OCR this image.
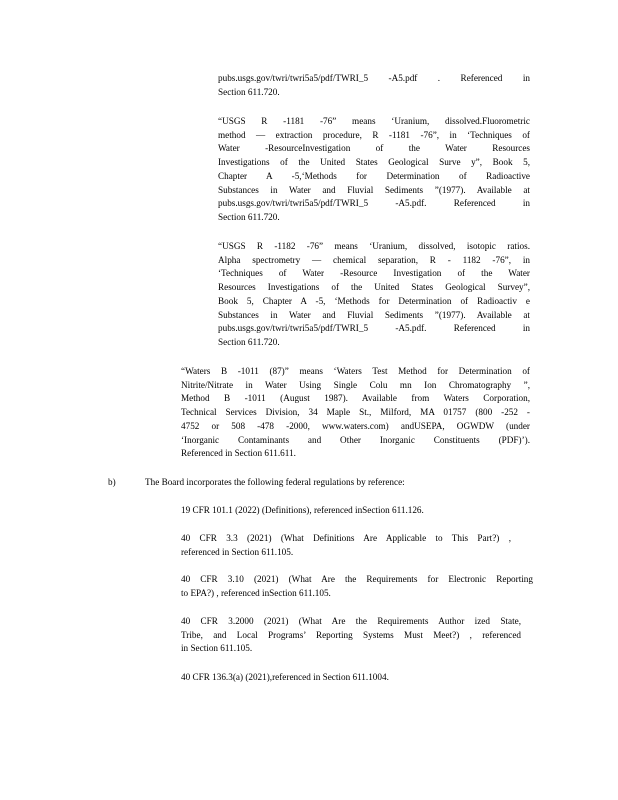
pubs.usgs.gov/twri/twri5a5/pdf/TWRI_5 -A5.pdf . Referenced in
Section 611.720.
“USGS R -1181 -76” means ‘Uranium, dissolved.Fluorometric
method — extraction procedure, R -1181 -76”, in ‘Techniques of
Water -ResourceInvestigation of the Water Resources
Investigations of the United States Geological Surve y”, Book 5,
Chapter A -5,‘Methods for Determination of Radioactive
Substances in Water and Fluvial Sediments ”(1977). Available at
pubs.usgs.gov/twri/twri5a5/pdf/TWRI_5 -A5.pdf. Referenced in
Section 611.720.
“USGS R -1182 -76” means ‘Uranium, dissolved, isotopic ratios.
Alpha spectrometry — chemical separation, R - 1182 -76”, in
‘Techniques of Water -Resource Investigation of the Water
Resources Investigations of the United States Geological Survey”,
Book 5, Chapter A -5, ‘Methods for Determination of Radioactiv e
Substances in Water and Fluvial Sediments ”(1977). Available at
pubs.usgs.gov/twri/twri5a5/pdf/TWRI_5 -A5.pdf. Referenced in
Section 611.720.
“Waters B -1011 (87)” means ‘Waters Test Method for Determination of
Nitrite/Nitrate in Water Using Single Colu mn Ion Chromatography ”,
Method B -1011 (August 1987). Available from Waters Corporation,
Technical Services Division, 34 Maple St., Milford, MA 01757 (800 -252 -
4752 or 508 -478 -2000, www.waters.com) andUSEPA, OGWDW (under
‘Inorganic Contaminants and Other Inorganic Constituents (PDF)’).
Referenced in Section 611.611.
b)	The Board incorporates the following federal regulations by reference:
19 CFR 101.1 (2022) (Definitions), referenced inSection 611.126.
40 CFR 3.3 (2021) (What Definitions Are Applicable to This Part?) ,
referenced in Section 611.105.
40 CFR 3.10 (2021) (What Are the Requirements for Electronic Reporting
to EPA?) , referenced inSection 611.105.
40 CFR 3.2000 (2021) (What Are the Requirements Author ized State,
Tribe, and Local Programs’ Reporting Systems Must Meet?) , referenced
in Section 611.105.
40 CFR 136.3(a) (2021),referenced in Section 611.1004.
